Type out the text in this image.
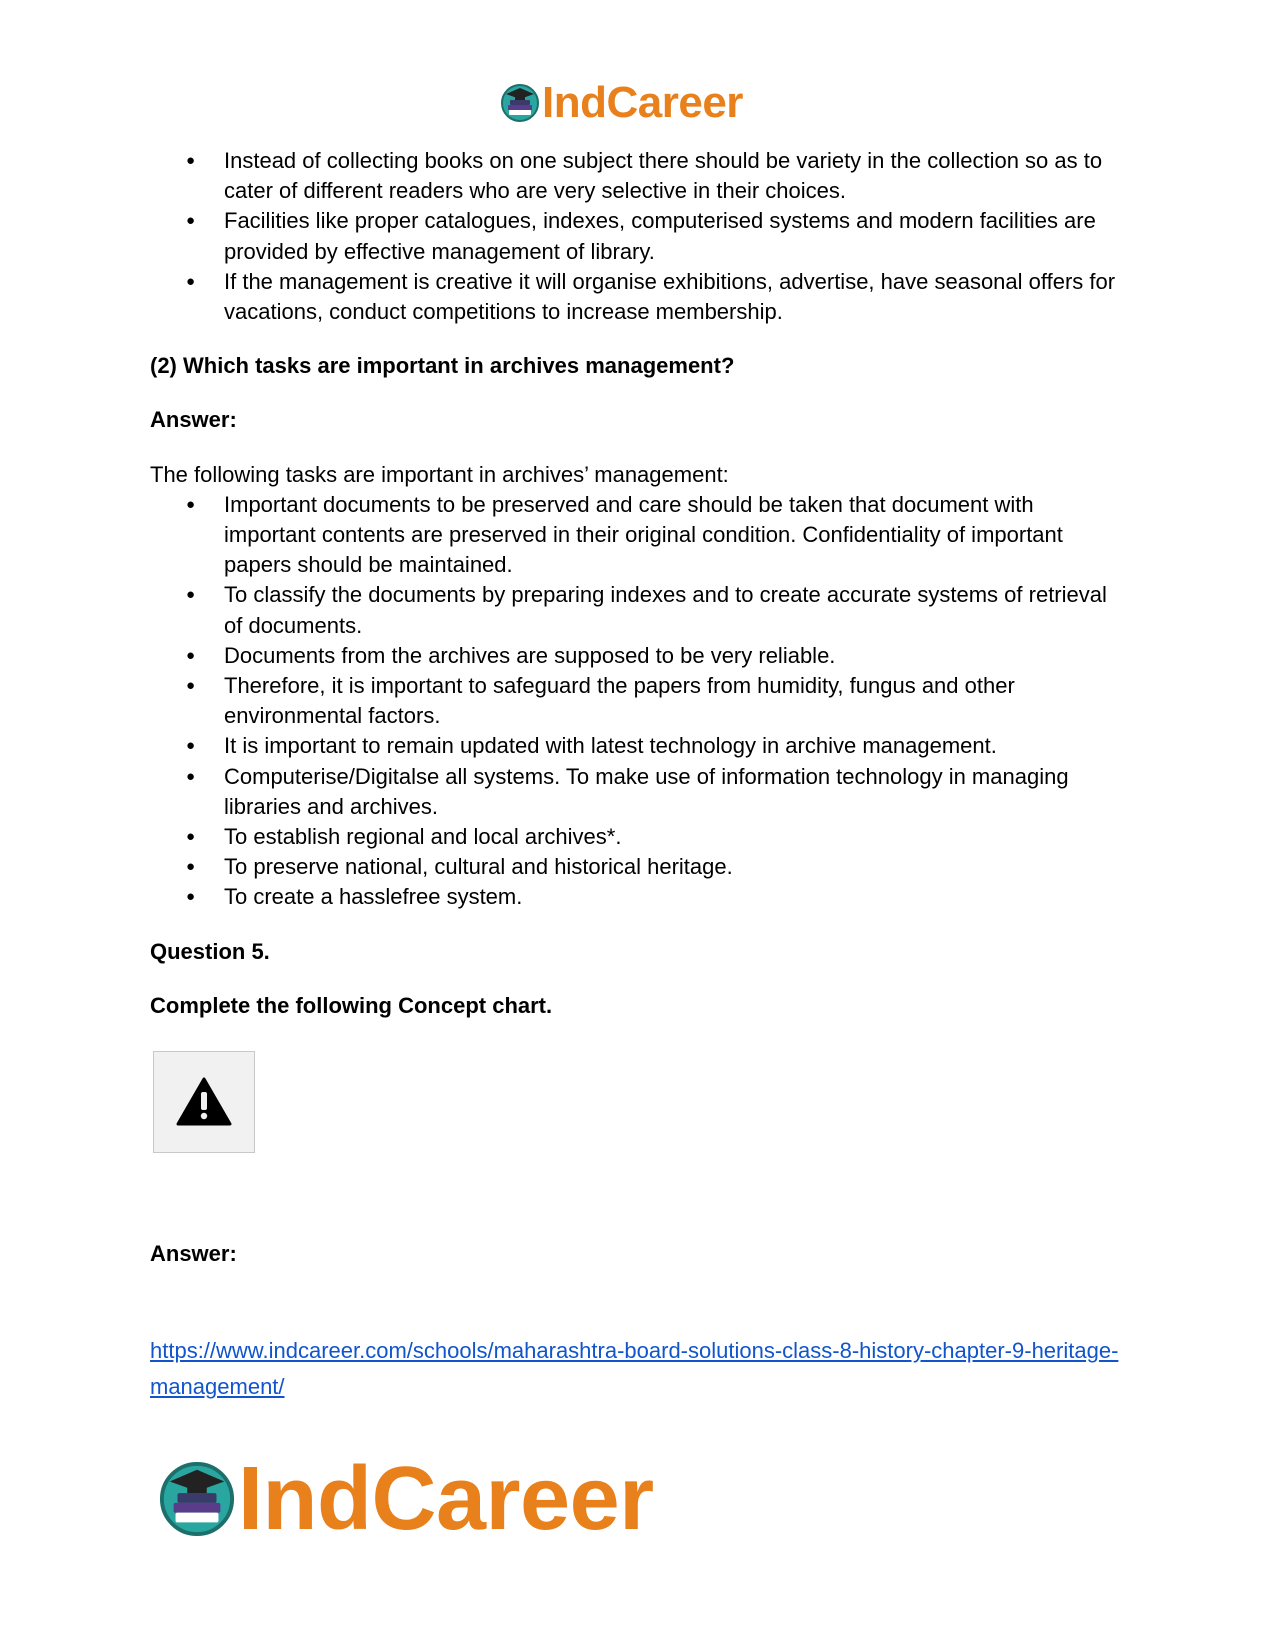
IndCareer
● Instead of collecting books on one subject there should be variety in the collection so as to cater of different readers who are very selective in their choices.
● Facilities like proper catalogues, indexes, computerised systems and modern facilities are provided by effective management of library.
● If the management is creative it will organise exhibitions, advertise, have seasonal offers for vacations, conduct competitions to increase membership.

(2) Which tasks are important in archives management?

Answer:

The following tasks are important in archives’ management:

● Important documents to be preserved and care should be taken that document with important contents are preserved in their original condition. Confidentiality of important papers should be maintained.
● To classify the documents by preparing indexes and to create accurate systems of retrieval of documents.
● Documents from the archives are supposed to be very reliable.
● Therefore, it is important to safeguard the papers from humidity, fungus and other environmental factors.
● It is important to remain updated with latest technology in archive management.
● Computerise/Digitalse all systems. To make use of information technology in managing libraries and archives.
● To establish regional and local archives*.
● To preserve national, cultural and historical heritage.
● To create a hasslefree system.

Question 5.

Complete the following Concept chart.

Answer:

https://www.indcareer.com/schools/maharashtra-board-solutions-class-8-history-chapter-9-heritage-management/

IndCareer
